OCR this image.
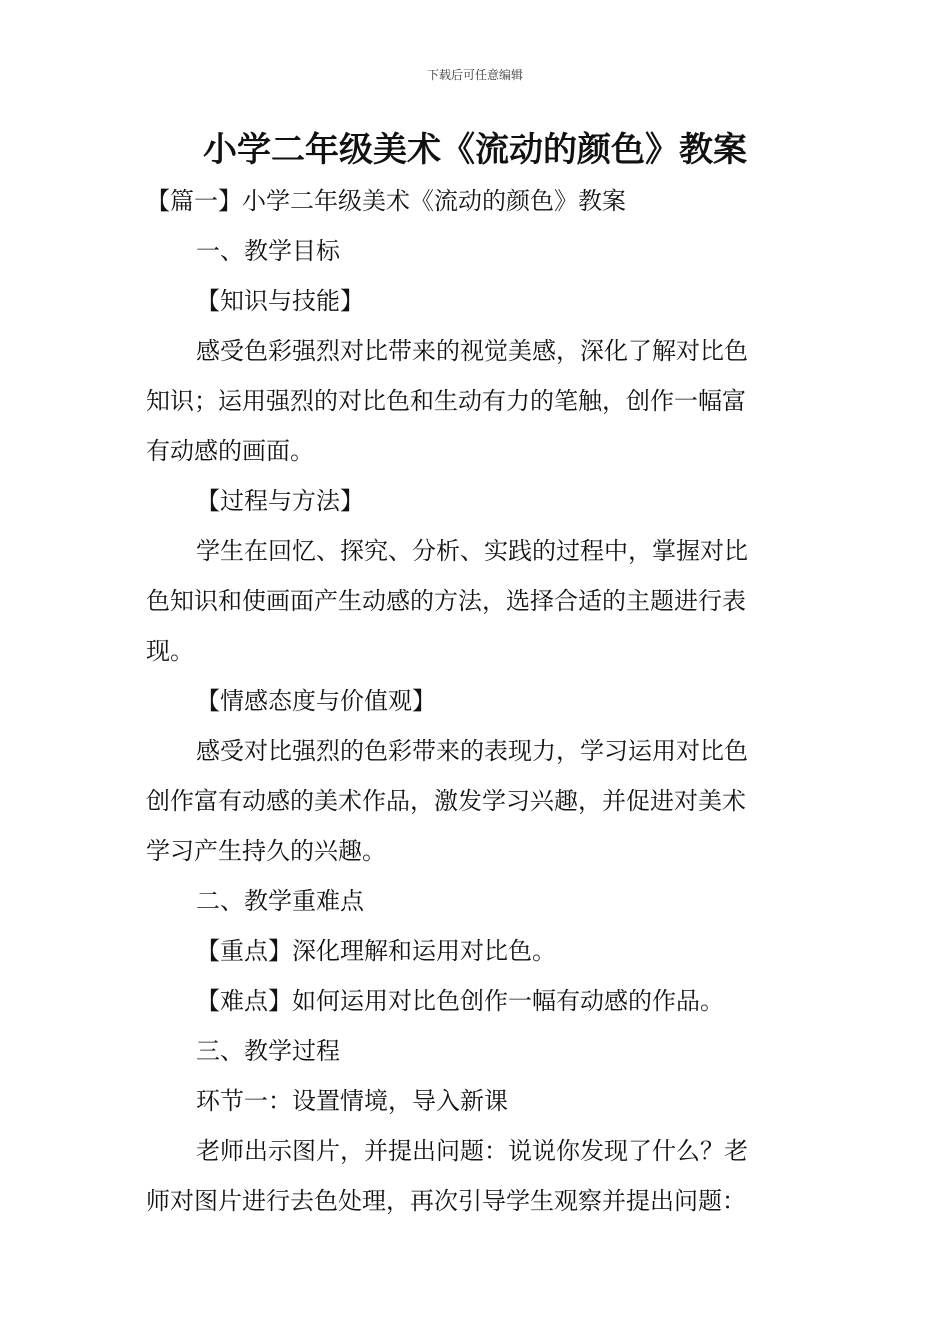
下载后可任意编辑
小学二年级美术《流动的颜色》教案
【篇一】小学二年级美术《流动的颜色》教案
一、教学目标
【知识与技能】
感受色彩强烈对比带来的视觉美感，深化了解对比色
知识；运用强烈的对比色和生动有力的笔触，创作一幅富
有动感的画面。
【过程与方法】
学生在回忆、探究、分析、实践的过程中，掌握对比
色知识和使画面产生动感的方法，选择合适的主题进行表
现。
【情感态度与价值观】
感受对比强烈的色彩带来的表现力，学习运用对比色
创作富有动感的美术作品，激发学习兴趣，并促进对美术
学习产生持久的兴趣。
二、教学重难点
【重点】深化理解和运用对比色。
【难点】如何运用对比色创作一幅有动感的作品。
三、教学过程
环节一：设置情境，导入新课
老师出示图片，并提出问题：说说你发现了什么？老
师对图片进行去色处理，再次引导学生观察并提出问题：
